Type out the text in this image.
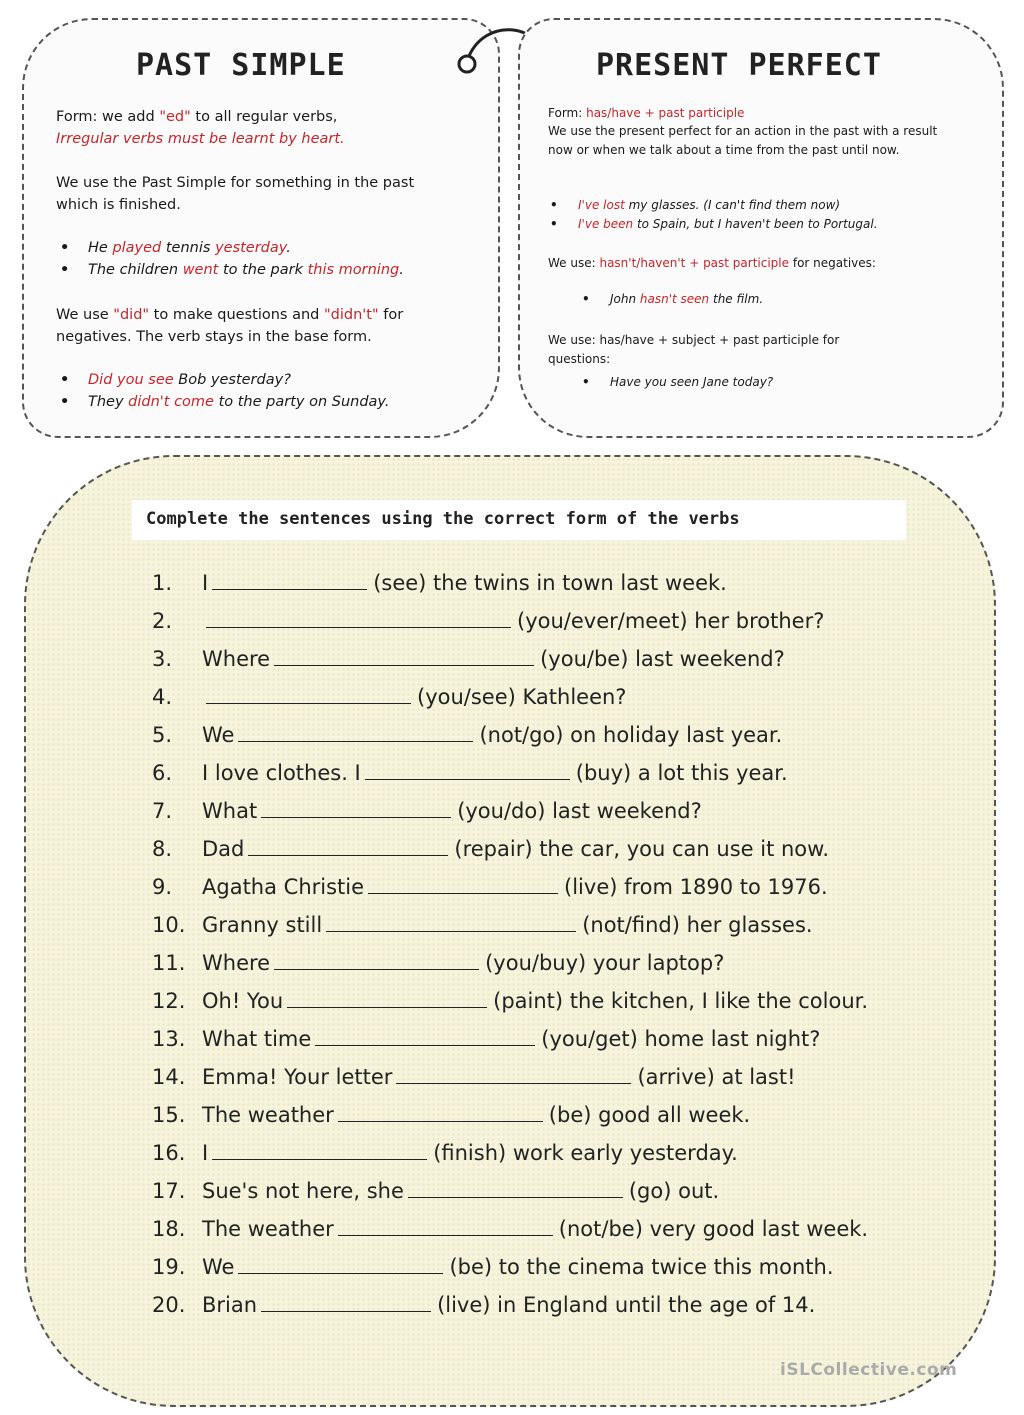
PAST SIMPLE
Form: we add "ed" to all regular verbs,
Irregular verbs must be learnt by heart.
We use the Past Simple for something in the past which is finished.
• He played tennis yesterday.
• The children went to the park this morning.
We use "did" to make questions and "didn't" for negatives. The verb stays in the base form.
• Did you see Bob yesterday?
• They didn't come to the party on Sunday.
PRESENT PERFECT
Form: has/have + past participle
We use the present perfect for an action in the past with a result now or when we talk about a time from the past until now.
• I've lost my glasses. (I can't find them now)
• I've been to Spain, but I haven't been to Portugal.
We use: hasn't/haven't + past participle for negatives:
• John hasn't seen the film.
We use: has/have + subject + past participle for questions:
• Have you seen Jane today?
Complete the sentences using the correct form of the verbs
1. I	(see) the twins in town last week.
2.	(you/ever/meet) her brother?
3. Where	(you/be) last weekend?
4.	(you/see) Kathleen?
5. We	(not/go) on holiday last year.
6. I love clothes. I	(buy) a lot this year.
7. What	(you/do) last weekend?
8. Dad	(repair) the car, you can use it now.
9. Agatha Christie	(live) from 1890 to 1976.
10. Granny still	(not/find) her glasses.
11. Where	(you/buy) your laptop?
12. Oh! You	(paint) the kitchen, I like the colour.
13. What time	(you/get) home last night?
14. Emma! Your letter	(arrive) at last!
15. The weather	(be) good all week.
16. I	(finish) work early yesterday.
17. Sue's not here, she	(go) out.
18. The weather	(not/be) very good last week.
19. We	(be) to the cinema twice this month.
20. Brian	(live) in England until the age of 14.
iSLCollective.com
